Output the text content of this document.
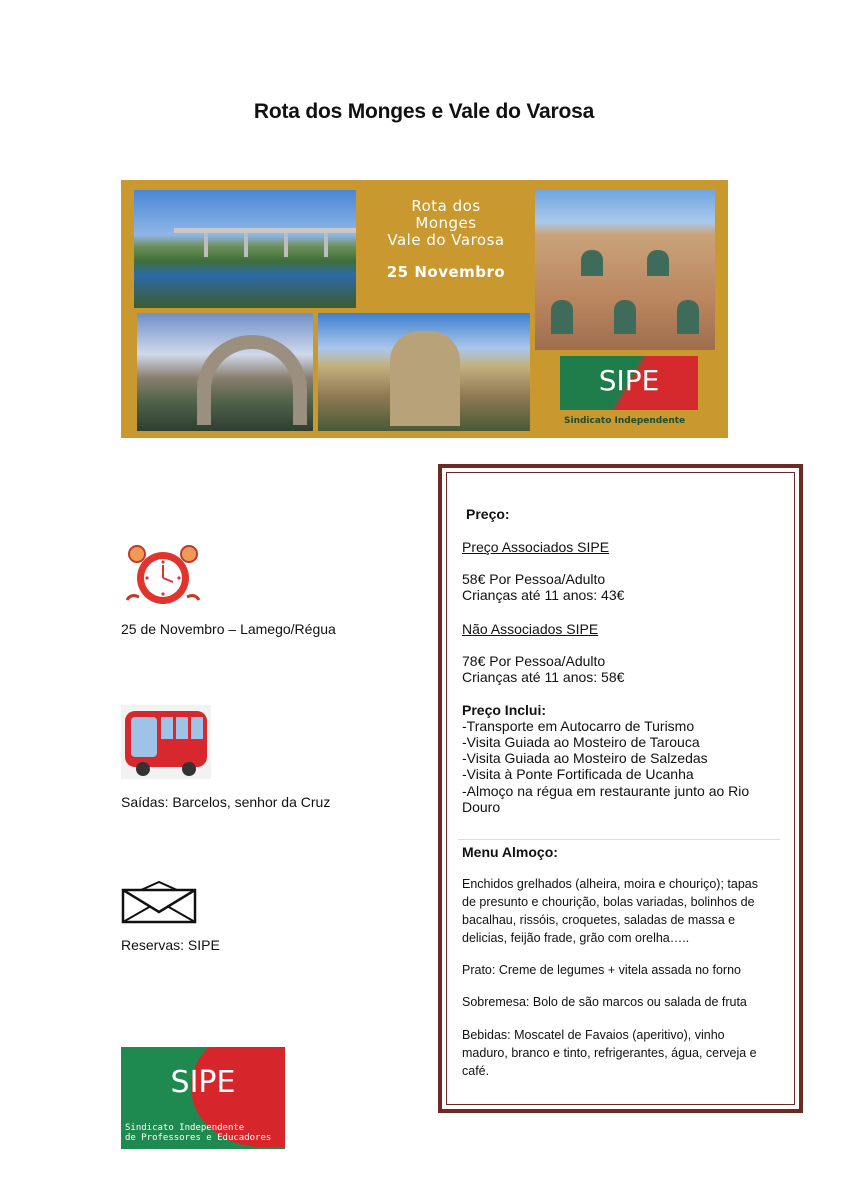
Rota dos Monges e Vale do Varosa
Rota dos
Monges
Vale do Varosa
25 Novembro
SIPE
Sindicato Independente
25 de Novembro – Lamego/Régua
Saídas: Barcelos, senhor da Cruz
Reservas: SIPE
SIPE
Sindicato Independente
de Professores e Educadores
Preço:
Preço Associados SIPE
58€ Por Pessoa/Adulto
Crianças até 11 anos: 43€
Não Associados SIPE
78€ Por Pessoa/Adulto
Crianças até 11 anos: 58€
Preço Inclui:
-Transporte em Autocarro de Turismo
-Visita Guiada ao Mosteiro de Tarouca
-Visita Guiada ao Mosteiro de Salzedas
-Visita à Ponte Fortificada de Ucanha
-Almoço na régua em restaurante junto ao Rio
Douro
Menu Almoço:
Enchidos grelhados (alheira, moira e chouriço); tapas
de presunto e chourição, bolas variadas, bolinhos de
bacalhau, rissóis, croquetes, saladas de massa e
delicias, feijão frade, grão com orelha…..
Prato: Creme de legumes + vitela assada no forno
Sobremesa: Bolo de são marcos ou salada de fruta
Bebidas: Moscatel de Favaios (aperitivo), vinho
maduro, branco e tinto, refrigerantes, água, cerveja e
café.
